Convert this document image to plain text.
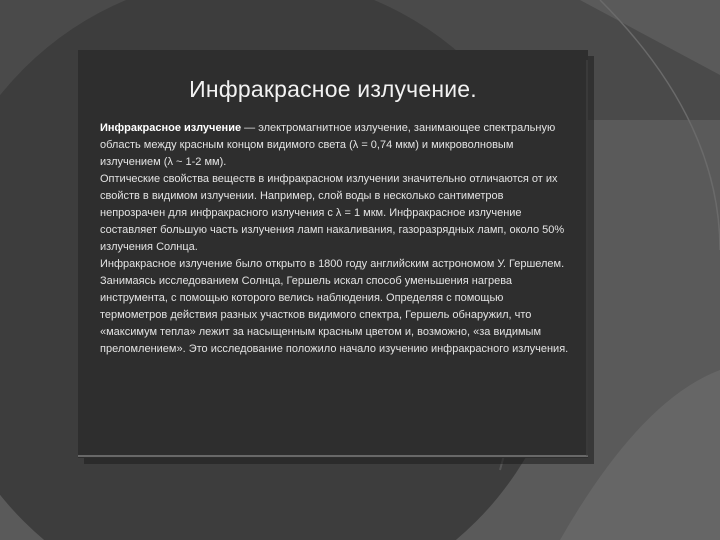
Инфракрасное излучение.

Инфракрасное излучение — электромагнитное излучение, занимающее спектральную область между красным концом видимого света (λ = 0,74 мкм) и микроволновым излучением (λ ~ 1-2 мм).

Оптические свойства веществ в инфракрасном излучении значительно отличаются от их свойств в видимом излучении. Например, слой воды в несколько сантиметров непрозрачен для инфракрасного излучения с λ = 1 мкм. Инфракрасное излучение составляет большую часть излучения ламп накаливания, газоразрядных ламп, около 50% излучения Солнца.

Инфракрасное излучение было открыто в 1800 году английским астрономом У. Гершелем. Занимаясь исследованием Солнца, Гершель искал способ уменьшения нагрева инструмента, с помощью которого велись наблюдения. Определяя с помощью термометров действия разных участков видимого спектра, Гершель обнаружил, что «максимум тепла» лежит за насыщенным красным цветом и, возможно, «за видимым преломлением». Это исследование положило начало изучению инфракрасного излучения.
